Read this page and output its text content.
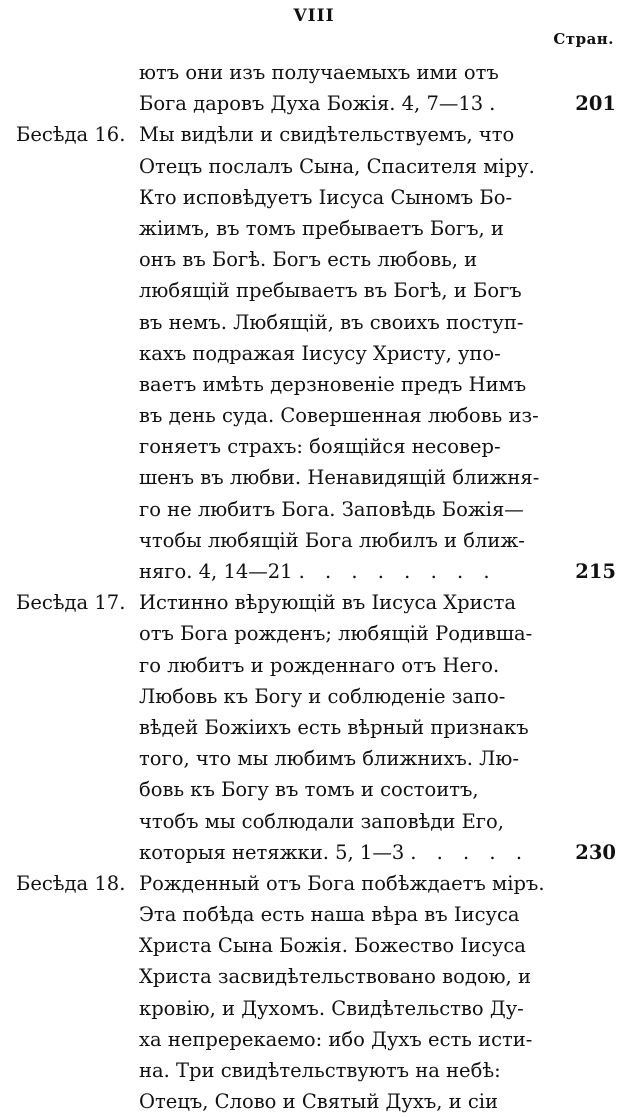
VIII
Стран.
ютъ они изъ получаемыхъ ими отъ
Бога даровъ Духа Божія. 4, 7—13 .	201
Бесѣда 16. Мы видѣли и свидѣтельствуемъ, что
Отецъ послалъ Сына, Спасителя міру.
Кто исповѣдуетъ Іисуса Сыномъ Бо-
жіимъ, въ томъ пребываетъ Богъ, и
онъ въ Богѣ. Богъ есть любовь, и
любящій пребываетъ въ Богѣ, и Богъ
въ немъ. Любящій, въ своихъ поступ-
кахъ подражая Іисусу Христу, упо-
ваетъ имѣть дерзновеніе предъ Нимъ
въ день суда. Совершенная любовь из-
гоняетъ страхъ: боящійся несовер-
шенъ въ любви. Ненавидящій ближня-
го не любитъ Бога. Заповѣдь Божія—
чтобы любящій Бога любилъ и ближ-
няго. 4, 14—21 . . . . . . . .	215
Бесѣда 17. Истинно вѣрующій въ Іисуса Христа
отъ Бога рожденъ; любящій Родивша-
го любитъ и рожденнаго отъ Него.
Любовь къ Богу и соблюденіе запо-
вѣдей Божіихъ есть вѣрный признакъ
того, что мы любимъ ближнихъ. Лю-
бовь къ Богу въ томъ и состоитъ,
чтобъ мы соблюдали заповѣди Его,
которыя нетяжки. 5, 1—3 . . . . .	230
Бесѣда 18. Рожденный отъ Бога побѣждаетъ міръ.
Эта побѣда есть наша вѣра въ Іисуса
Христа Сына Божія. Божество Іисуса
Христа засвидѣтельствовано водою, и
кровію, и Духомъ. Свидѣтельство Ду-
ха непререкаемо: ибо Духъ есть исти-
на. Три свидѣтельствуютъ на небѣ:
Отецъ, Слово и Святый Духъ, и сіи
